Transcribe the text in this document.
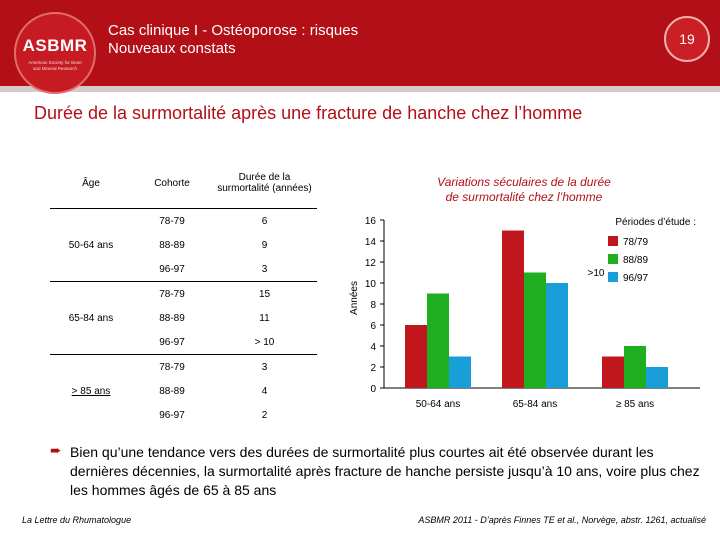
ASBMR
American Society for Bone and Mineral Research
Cas clinique I - Ostéoporose : risques
Nouveaux constats
19
Durée de la surmortalité après une fracture de hanche chez l’homme
Âge	Cohorte	Durée de la surmortalité (années)
50-64 ans	78-79	6
	88-89	9
	96-97	3
65-84 ans	78-79	15
	88-89	11
	96-97	> 10
> 85 ans	78-79	3
	88-89	4
	96-97	2
Variations séculaires de la durée
de surmortalité chez l’homme
Années
0
2
4
6
8
10
12
14
16
50-64 ans	65-84 ans	≥ 85 ans
>10
Périodes d’étude :
78/79
88/89
96/97
➨ Bien qu’une tendance vers des durées de surmortalité plus courtes ait été observée durant les dernières décennies, la surmortalité après fracture de hanche persiste jusqu’à 10 ans, voire plus chez les hommes âgés de 65 à 85 ans
La Lettre du Rhumatologue	ASBMR 2011 - D’après Finnes TE et al., Norvège, abstr. 1261, actualisé
